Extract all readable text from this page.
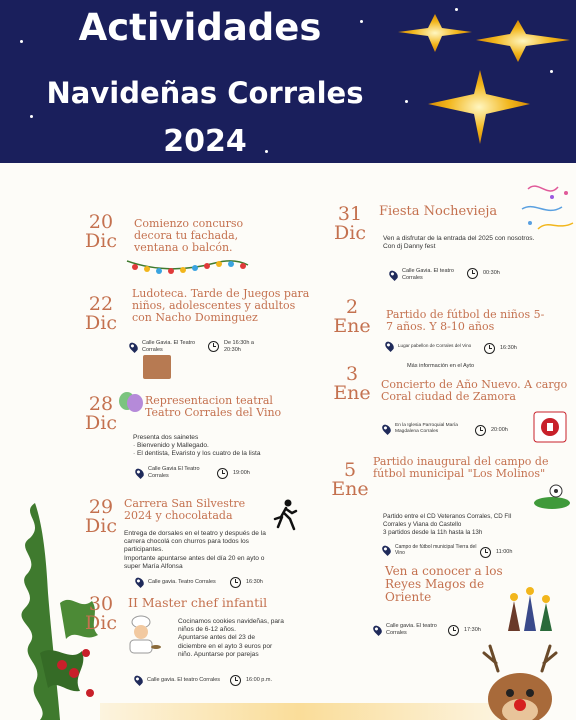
Actividades
Navideñas Corrales
2024
20
Dic
Comienzo concurso decora tu fachada, ventana o balcón.
22
Dic
Ludoteca. Tarde de Juegos para niños, adolescentes y adultos con Nacho Dominguez
Calle Gavia. El Teatro Corrales
De 16:30h a 20:30h
28
Dic
Representacion teatral Teatro Corrales del Vino
Presenta dos sainetes
· Bienvenido y Mallegado.
· El dentista, Evaristo y los cuatro de la lista
Calle Gavia El Teatro Corrales	19:00h
29
Dic
Carrera San Silvestre 2024 y chocolatada
Entrega de dorsales en el teatro y después de la
carrera chocolá con churros para todos los
participantes.
Importante apuntarse antes del día 20 en ayto o
super María Alfonsa
Calle gavia. Teatro Corrales	16:30h
30
Dic
II Master chef infantil
Cocinamos cookies navideñas, para
niños de 6-12 años.
Apuntarse antes del 23 de
diciembre en el ayto 3 euros por
niño. Apuntarse por parejas
Calle gavia. El teatro Corrales	16:00 p.m.
31
Dic
Fiesta Nochevieja
Ven a disfrutar de la entrada del 2025 con nosotros.
Con dj Danny fest
Calle Gavia. El teatro Corrales
00:30h
2
Ene
Partido de fútbol de niños 5-7 años. Y 8-10 años
Lugar pabellon de Corrales del Vino	16:30h
Más información en el Ayto
3
Ene Concierto de Año Nuevo. A cargo Coral ciudad de Zamora
En la Iglesia Parroquial María Magdalena Corrales	20:00h
5
Ene
Partido inaugural del campo de fútbol municipal "Los Molinos"
Partido entre el CD Veteranos Corrales, CD FII
Corrales y Viana do Castello
3 partidos desde la 11h hasta la 13h
Campo de fútbol municipal Tierra del Vino	11:00h
Ven a conocer a los Reyes Magos de Oriente
Calle gavia. El teatro Corrales	17:30h
